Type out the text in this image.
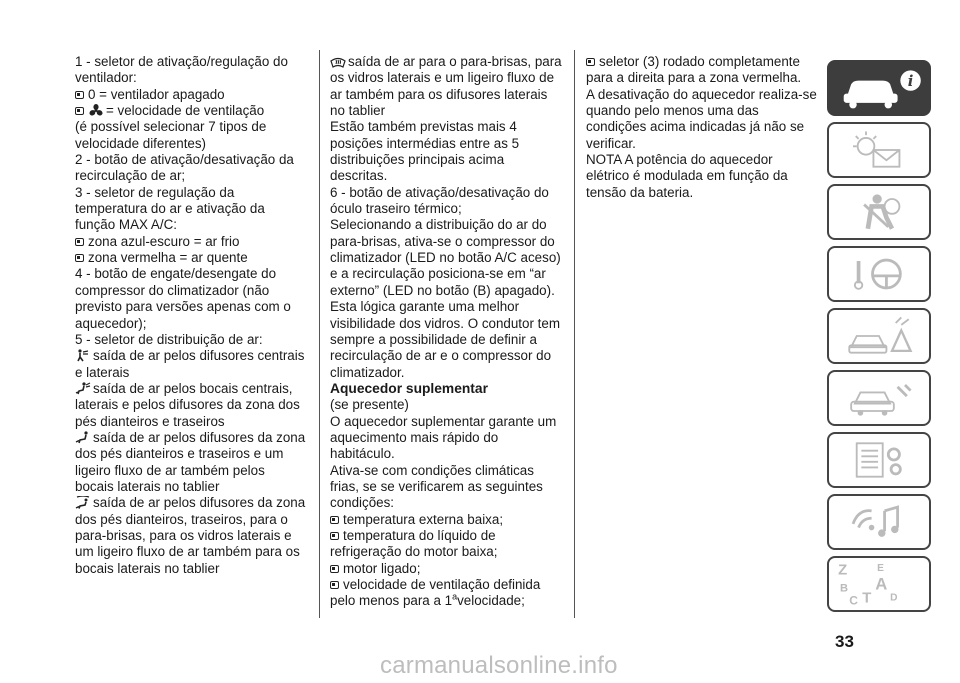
1 - seletor de ativação/regulação do ventilador:

0 = ventilador apagado

= velocidade de ventilação

(é possível selecionar 7 tipos de velocidade diferentes)

2 - botão de ativação/desativação da recirculação de ar;

3 - seletor de regulação da temperatura do ar e ativação da função MAX A/C:

zona azul-escuro = ar frio

zona vermelha = ar quente

4 - botão de engate/desengate do compressor do climatizador (não previsto para versões apenas com o aquecedor);

5 - seletor de distribuição de ar:

saída de ar pelos difusores centrais e laterais

saída de ar pelos bocais centrais, laterais e pelos difusores da zona dos pés dianteiros e traseiros

saída de ar pelos difusores da zona dos pés dianteiros e traseiros e um ligeiro fluxo de ar também pelos bocais laterais no tablier

saída de ar pelos difusores da zona dos pés dianteiros, traseiros, para o para-brisas, para os vidros laterais e um ligeiro fluxo de ar também para os bocais laterais no tablier

saída de ar para o para-brisas, para os vidros laterais e um ligeiro fluxo de ar também para os difusores laterais no tablier

Estão também previstas mais 4 posições intermédias entre as 5 distribuições principais acima descritas.

6 - botão de ativação/desativação do óculo traseiro térmico;

Selecionando a distribuição do ar do para-brisas, ativa-se o compressor do climatizador (LED no botão A/C aceso) e a recirculação posiciona-se em “ar externo” (LED no botão (B) apagado). Esta lógica garante uma melhor visibilidade dos vidros. O condutor tem sempre a possibilidade de definir a recirculação de ar e o compressor do climatizador.

Aquecedor suplementar

(se presente)

O aquecedor suplementar garante um aquecimento mais rápido do habitáculo.

Ativa-se com condições climáticas frias, se se verificarem as seguintes condições:

temperatura externa baixa;

temperatura do líquido de refrigeração do motor baixa;

motor ligado;

velocidade de ventilação definida pelo menos para a 1$^a$velocidade;

seletor (3) rodado completamente para a direita para a zona vermelha.

A desativação do aquecedor realiza-se quando pelo menos uma das condições acima indicadas já não se verificar.

NOTA A potência do aquecedor elétrico é modulada em função da tensão da bateria.

i
Z	E
B A
C T D
33
carmanualsonline.info
